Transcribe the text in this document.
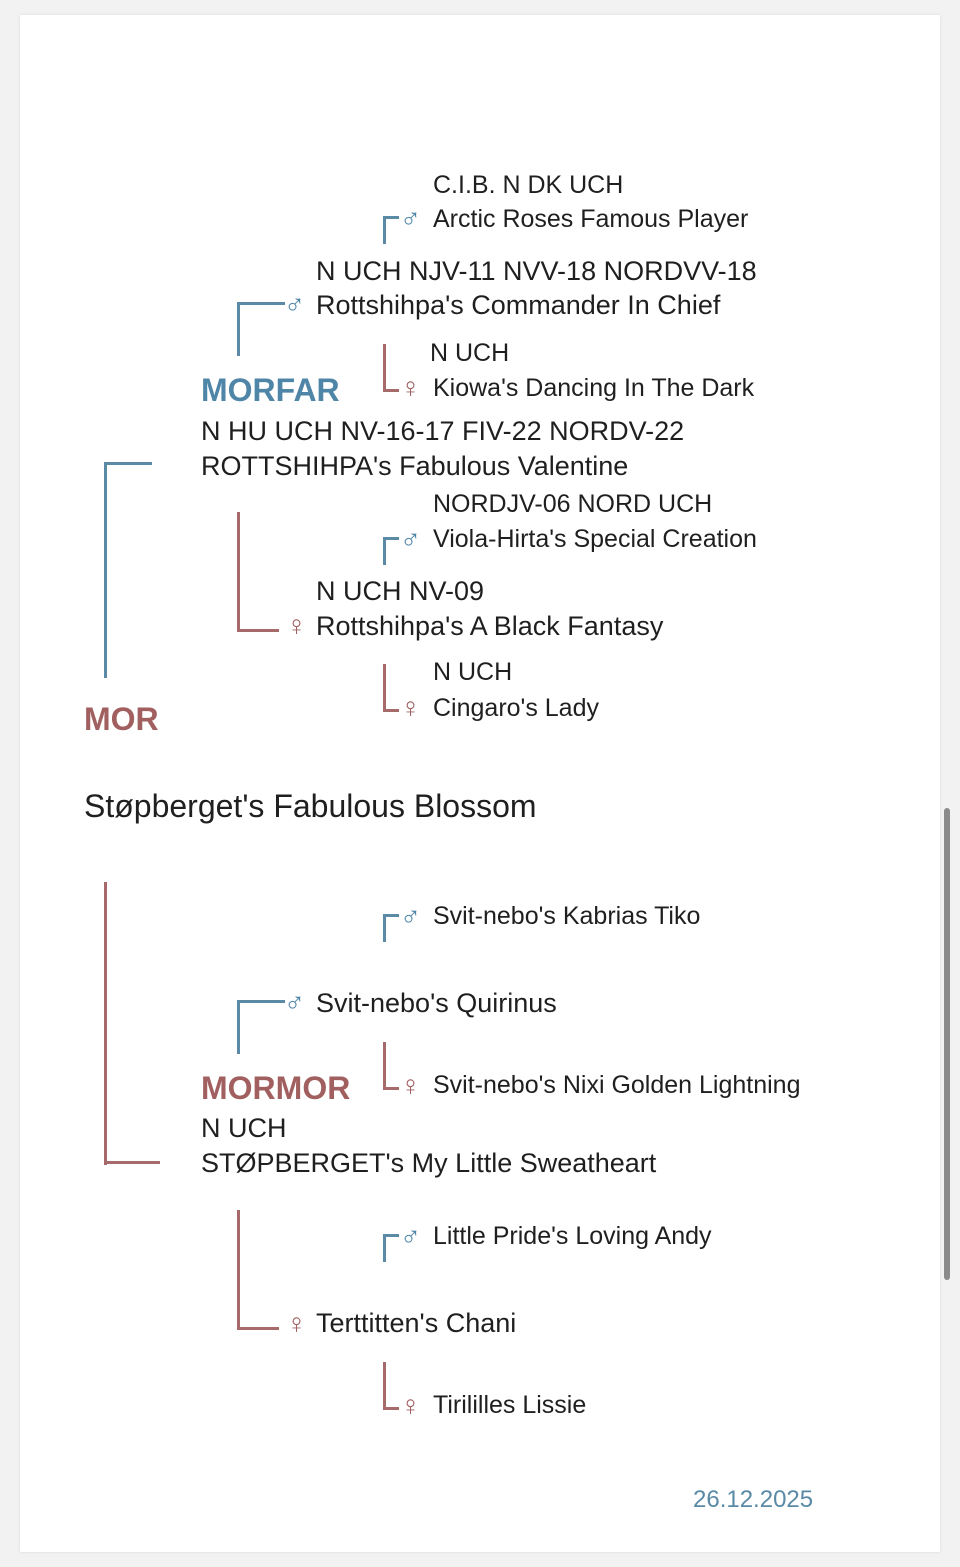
♂
♂
♀
♂
♀
♀
♂
♂
♀
♂
♀
♀
C.I.B. N DK UCH
Arctic Roses Famous Player
N UCH NJV-11 NVV-18 NORDVV-18
Rottshihpa's Commander In Chief
N UCH
Kiowa's Dancing In The Dark
MORFAR
N HU UCH NV-16-17 FIV-22 NORDV-22
ROTTSHIHPA's Fabulous Valentine
NORDJV-06 NORD UCH
Viola-Hirta's Special Creation
N UCH NV-09
Rottshihpa's A Black Fantasy
N UCH
Cingaro's Lady
MOR
Støpberget's Fabulous Blossom
Svit-nebo's Kabrias Tiko
Svit-nebo's Quirinus
Svit-nebo's Nixi Golden Lightning
MORMOR
N UCH
STØPBERGET's My Little Sweatheart
Little Pride's Loving Andy
Terttitten's Chani
Tirililles Lissie
26.12.2025
